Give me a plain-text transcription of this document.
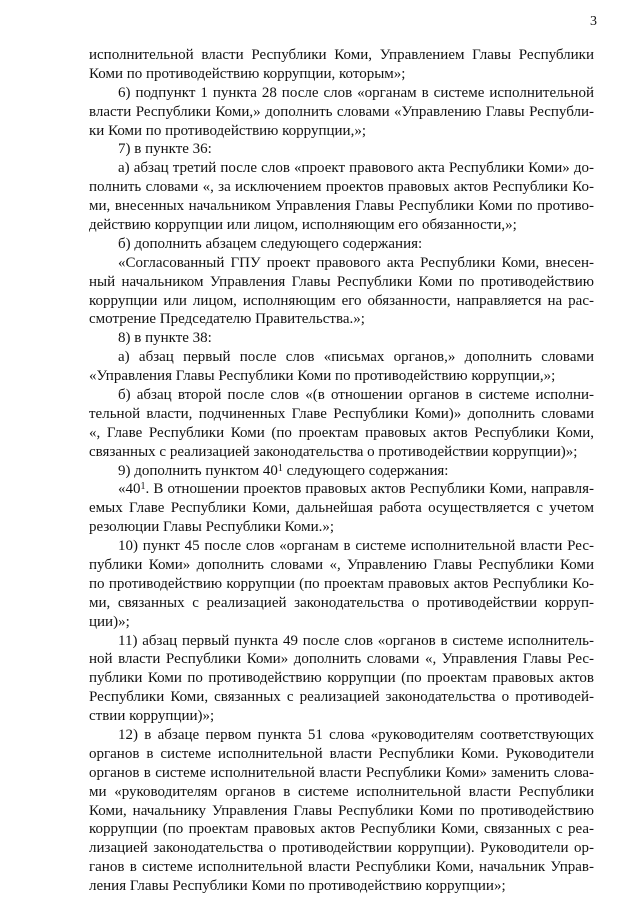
3

исполнительной власти Республики Коми, Управлением Главы Республики

Коми по противодействию коррупции, которым»;

6) подпункт 1 пункта 28 после слов «органам в системе исполнительной

власти Республики Коми,» дополнить словами «Управлению Главы Республи-

ки Коми по противодействию коррупции,»;

7) в пункте 36:

а) абзац третий после слов «проект правового акта Республики Коми» до-

полнить словами «, за исключением проектов правовых актов Республики Ко-

ми, внесенных начальником Управления Главы Республики Коми по противо-

действию коррупции или лицом, исполняющим его обязанности,»;

б) дополнить абзацем следующего содержания:

«Согласованный ГПУ проект правового акта Республики Коми, внесен-

ный начальником Управления Главы Республики Коми по противодействию

коррупции или лицом, исполняющим его обязанности, направляется на рас-

смотрение Председателю Правительства.»;

8) в пункте 38:

а) абзац первый после слов «письмах органов,» дополнить словами

«Управления Главы Республики Коми по противодействию коррупции,»;

б) абзац второй после слов «(в отношении органов в системе исполни-

тельной власти, подчиненных Главе Республики Коми)» дополнить словами

«, Главе Республики Коми (по проектам правовых актов Республики Коми,

связанных с реализацией законодательства о противодействии коррупции)»;

9) дополнить пунктом $40^1$ следующего содержания:

«$40^1$. В отношении проектов правовых актов Республики Коми, направля-

емых Главе Республики Коми, дальнейшая работа осуществляется с учетом

резолюции Главы Республики Коми.»;

10) пункт 45 после слов «органам в системе исполнительной власти Рес-

публики Коми» дополнить словами «, Управлению Главы Республики Коми

по противодействию коррупции (по проектам правовых актов Республики Ко-

ми, связанных с реализацией законодательства о противодействии корруп-

ции)»;

11) абзац первый пункта 49 после слов «органов в системе исполнитель-

ной власти Республики Коми» дополнить словами «, Управления Главы Рес-

публики Коми по противодействию коррупции (по проектам правовых актов

Республики Коми, связанных с реализацией законодательства о противодей-

ствии коррупции)»;

12) в абзаце первом пункта 51 слова «руководителям соответствующих

органов в системе исполнительной власти Республики Коми. Руководители

органов в системе исполнительной власти Республики Коми» заменить слова-

ми «руководителям органов в системе исполнительной власти Республики

Коми, начальнику Управления Главы Республики Коми по противодействию

коррупции (по проектам правовых актов Республики Коми, связанных с реа-

лизацией законодательства о противодействии коррупции). Руководители ор-

ганов в системе исполнительной власти Республики Коми, начальник Управ-

ления Главы Республики Коми по противодействию коррупции»;
